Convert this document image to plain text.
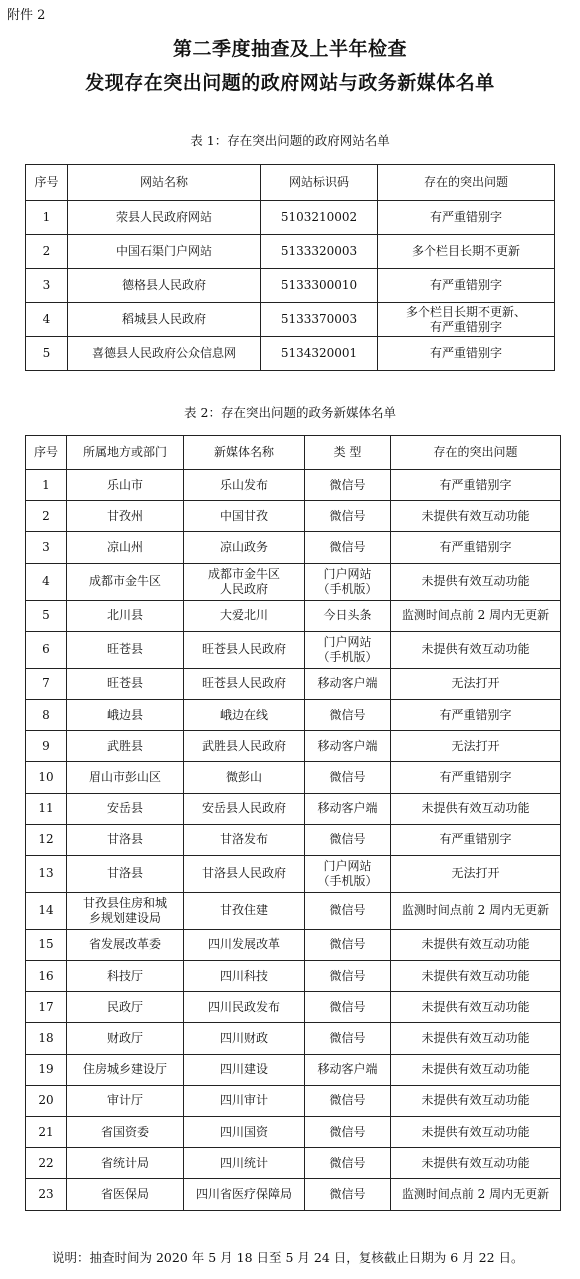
附件 2
第二季度抽查及上半年检查
发现存在突出问题的政府网站与政务新媒体名单
表 1：存在突出问题的政府网站名单
序号	网站名称	网站标识码	存在的突出问题
1	荥县人民政府网站	5103210002	有严重错别字
2	中国石渠门户网站	5133320003	多个栏目长期不更新
3	德格县人民政府	5133300010	有严重错别字
4	稻城县人民政府	5133370003	多个栏目长期不更新、
有严重错别字
5	喜德县人民政府公众信息网	5134320001	有严重错别字
表 2：存在突出问题的政务新媒体名单
序号	所属地方或部门	新媒体名称	类 型	存在的突出问题
1	乐山市	乐山发布	微信号	有严重错别字
2	甘孜州	中国甘孜	微信号	未提供有效互动功能
3	凉山州	凉山政务	微信号	有严重错别字
4	成都市金牛区	成都市金牛区
人民政府	门户网站
（手机版）	未提供有效互动功能
5	北川县	大爱北川	今日头条	监测时间点前 2 周内无更新
6	旺苍县	旺苍县人民政府	门户网站
（手机版）	未提供有效互动功能
7	旺苍县	旺苍县人民政府	移动客户端	无法打开
8	峨边县	峨边在线	微信号	有严重错别字
9	武胜县	武胜县人民政府	移动客户端	无法打开
10	眉山市彭山区	微彭山	微信号	有严重错别字
11	安岳县	安岳县人民政府	移动客户端	未提供有效互动功能
12	甘洛县	甘洛发布	微信号	有严重错别字
13	甘洛县	甘洛县人民政府	门户网站
（手机版）	无法打开
14	甘孜县住房和城
乡规划建设局	甘孜住建	微信号	监测时间点前 2 周内无更新
15	省发展改革委	四川发展改革	微信号	未提供有效互动功能
16	科技厅	四川科技	微信号	未提供有效互动功能
17	民政厅	四川民政发布	微信号	未提供有效互动功能
18	财政厅	四川财政	微信号	未提供有效互动功能
19	住房城乡建设厅	四川建设	移动客户端	未提供有效互动功能
20	审计厅	四川审计	微信号	未提供有效互动功能
21	省国资委	四川国资	微信号	未提供有效互动功能
22	省统计局	四川统计	微信号	未提供有效互动功能
23	省医保局	四川省医疗保障局	微信号	监测时间点前 2 周内无更新
说明：抽查时间为 2020 年 5 月 18 日至 5 月 24 日，复核截止日期为 6 月 22 日。
